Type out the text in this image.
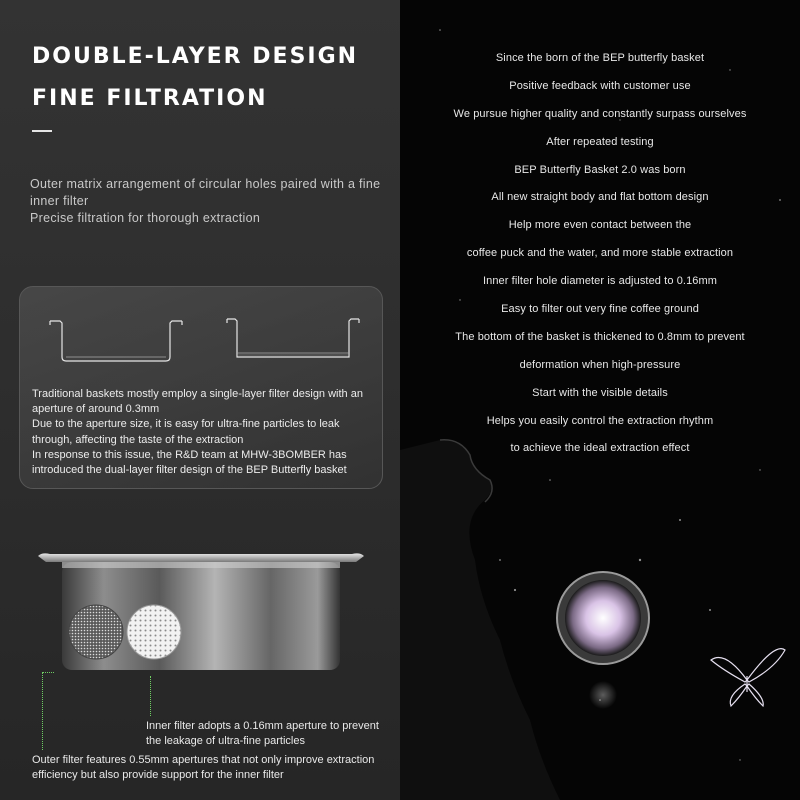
DOUBLE-LAYER DESIGN
FINE FILTRATION
Outer matrix arrangement of circular holes paired with a fine inner filter
Precise filtration for thorough extraction
Traditional baskets mostly employ a single-layer filter design with an aperture of around 0.3mm
Due to the aperture size, it is easy for ultra-fine particles to leak through, affecting the taste of the extraction
In response to this issue, the R&D team at MHW-3BOMBER has introduced the dual-layer filter design of the BEP Butterfly basket
Inner filter adopts a 0.16mm aperture to prevent the leakage of ultra-fine particles
Outer filter features 0.55mm apertures that not only improve extraction efficiency but also provide support for the inner filter
Since the born of the BEP butterfly basket
Positive feedback with customer use
We pursue higher quality and constantly surpass ourselves
After repeated testing
BEP Butterfly Basket 2.0 was born
All new straight body and flat bottom design
Help more even contact between the
coffee puck and the water, and more stable extraction
Inner filter hole diameter is adjusted to 0.16mm
Easy to filter out very fine coffee ground
The bottom of the basket is thickened to 0.8mm to prevent
deformation when high-pressure
Start with the visible details
Helps you easily control the extraction rhythm
to achieve the ideal extraction effect
